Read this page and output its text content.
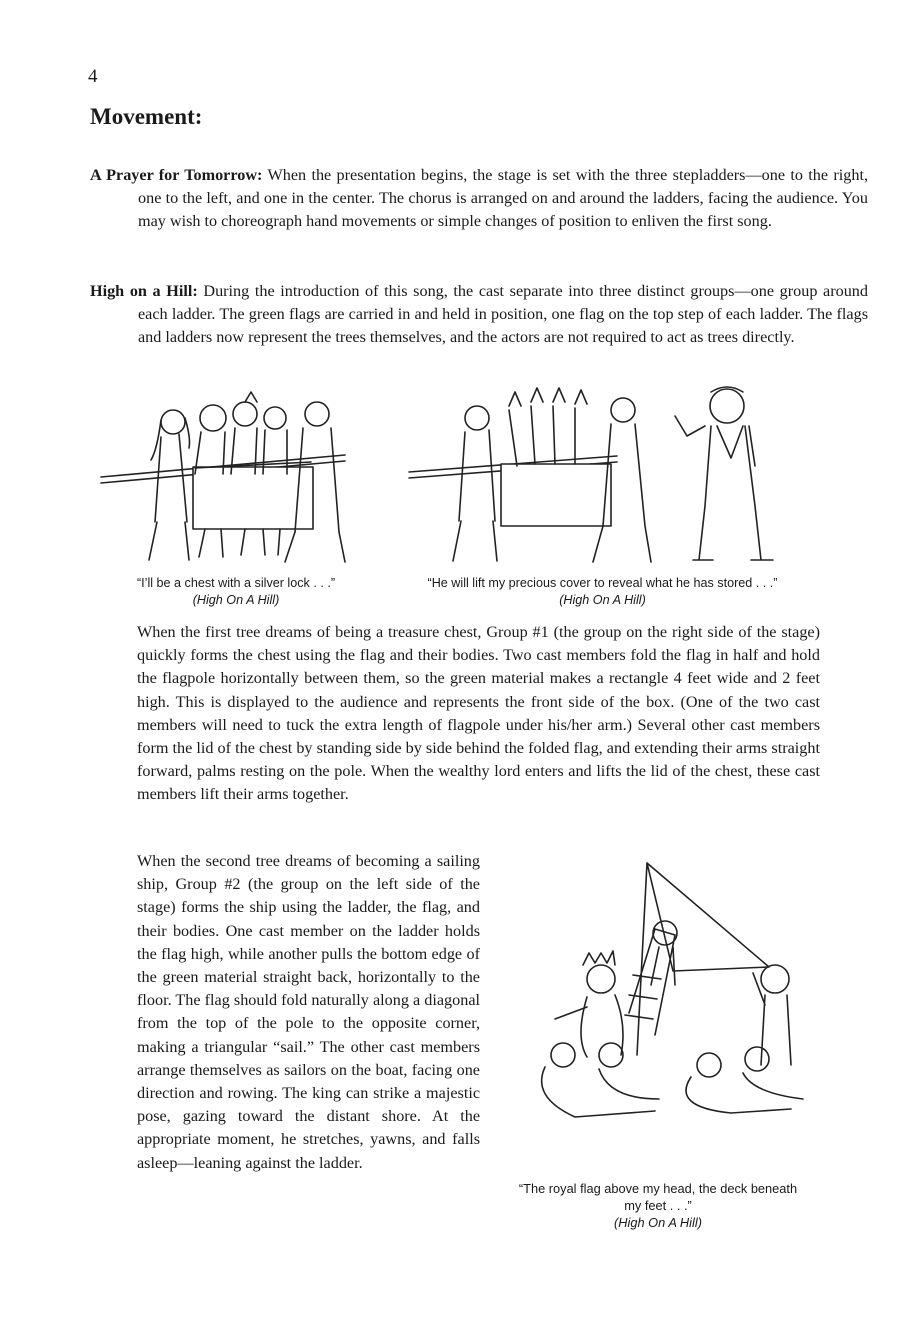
4
Movement:

A Prayer for Tomorrow: When the presentation begins, the stage is set with the three stepladders—one to the right, one to the left, and one in the center. The chorus is arranged on and around the ladders, facing the audience. You may wish to choreograph hand movements or simple changes of position to enliven the first song.

High on a Hill: During the introduction of this song, the cast separate into three distinct groups—one group around each ladder. The green flags are carried in and held in position, one flag on the top step of each ladder. The flags and ladders now represent the trees themselves, and the actors are not required to act as trees directly.

“I’ll be a chest with a silver lock . . .”
(High On A Hill)

“He will lift my precious cover to reveal what he has stored . . .”
(High On A Hill)

When the first tree dreams of being a treasure chest, Group #1 (the group on the right side of the stage) quickly forms the chest using the flag and their bodies. Two cast members fold the flag in half and hold the flagpole horizontally between them, so the green material makes a rectangle 4 feet wide and 2 feet high. This is displayed to the audience and represents the front side of the box. (One of the two cast members will need to tuck the extra length of flagpole under his/her arm.) Several other cast members form the lid of the chest by standing side by side behind the folded flag, and extending their arms straight forward, palms resting on the pole. When the wealthy lord enters and lifts the lid of the chest, these cast members lift their arms together.

When the second tree dreams of becoming a sailing ship, Group #2 (the group on the left side of the stage) forms the ship using the ladder, the flag, and their bodies. One cast member on the ladder holds the flag high, while another pulls the bottom edge of the green material straight back, horizontally to the floor. The flag should fold naturally along a diagonal from the top of the pole to the opposite corner, making a triangular “sail.” The other cast members arrange themselves as sailors on the boat, facing one direction and rowing. The king can strike a majestic pose, gazing toward the distant shore. At the appropriate moment, he stretches, yawns, and falls asleep—leaning against the ladder.

“The royal flag above my head, the deck beneath my feet . . .”
(High On A Hill)
